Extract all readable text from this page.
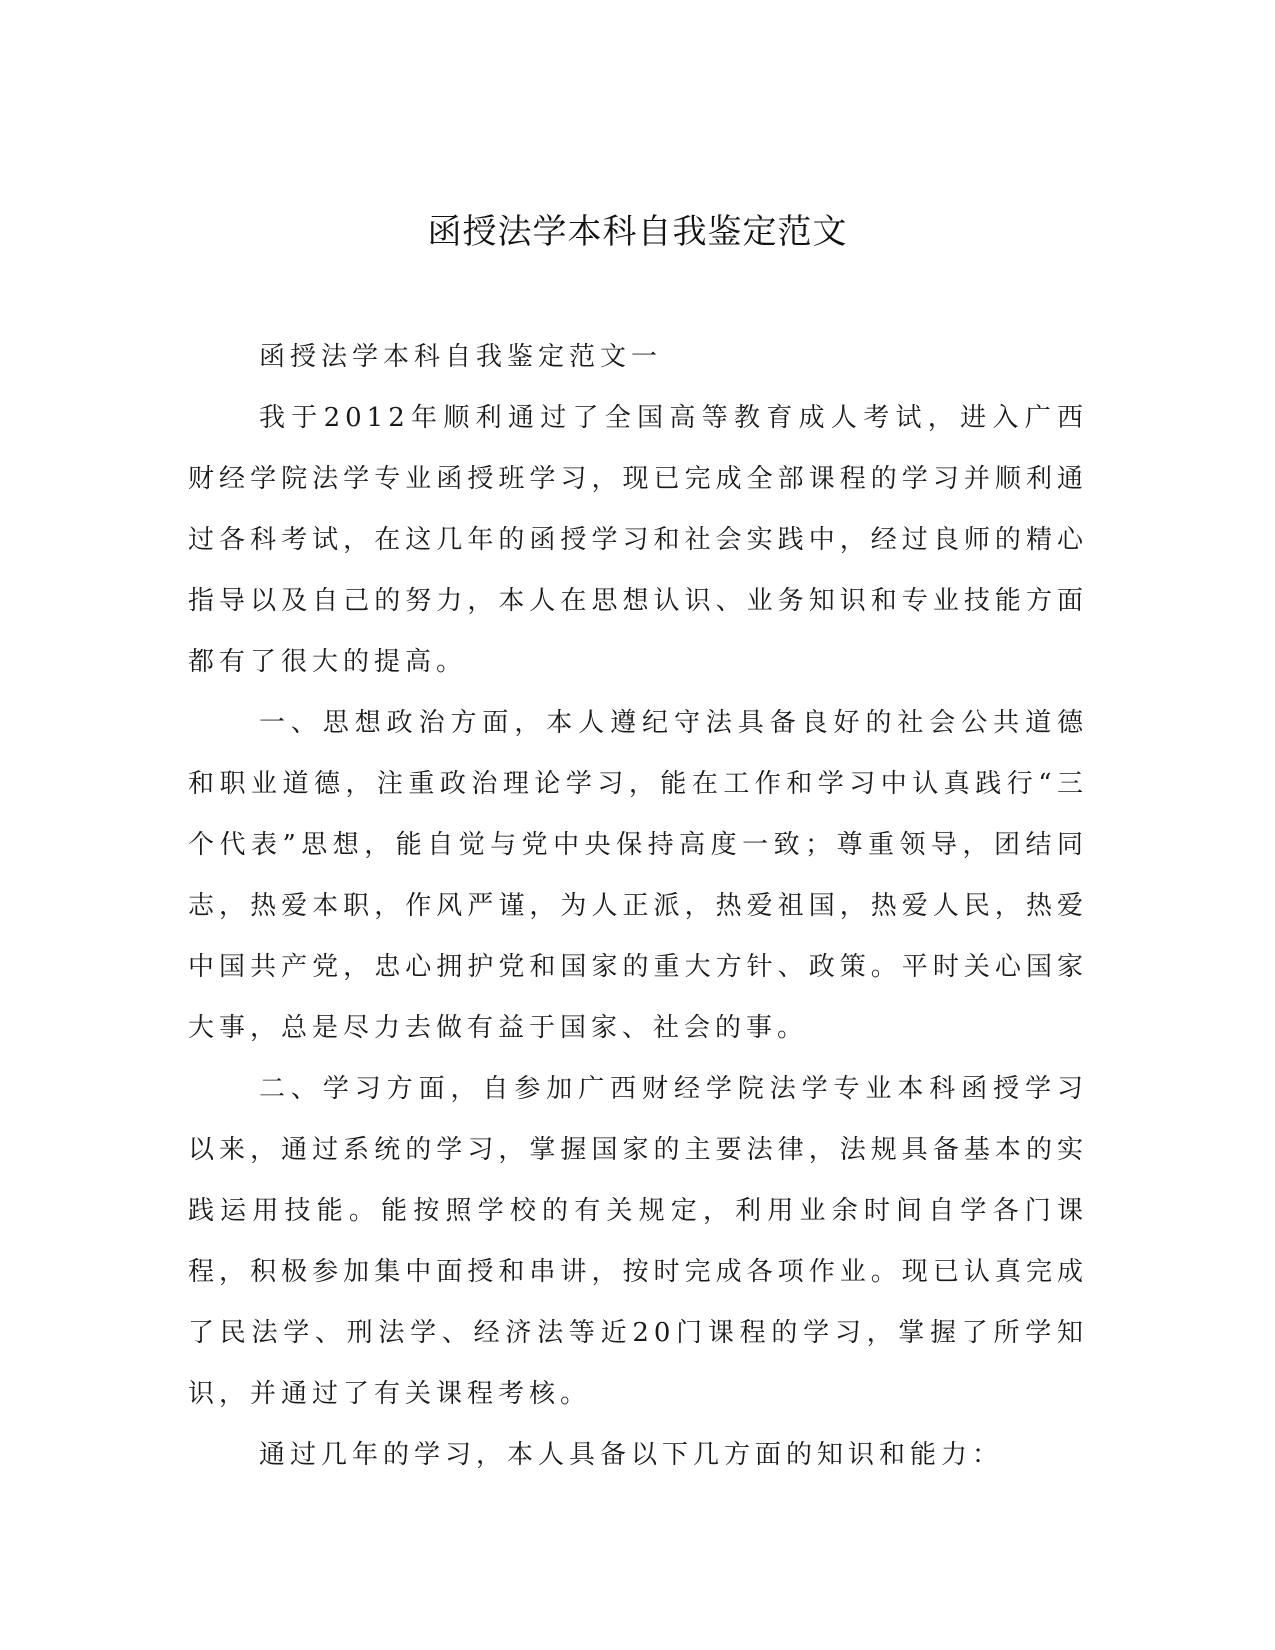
函授法学本科自我鉴定范文

函授法学本科自我鉴定范文一

我于2012年顺利通过了全国高等教育成人考试，进入广西财经学院法学专业函授班学习，现已完成全部课程的学习并顺利通过各科考试，在这几年的函授学习和社会实践中，经过良师的精心指导以及自己的努力，本人在思想认识、业务知识和专业技能方面都有了很大的提高。

一、思想政治方面，本人遵纪守法具备良好的社会公共道德和职业道德，注重政治理论学习，能在工作和学习中认真践行“三个代表”思想，能自觉与党中央保持高度一致；尊重领导，团结同志，热爱本职，作风严谨，为人正派，热爱祖国，热爱人民，热爱中国共产党，忠心拥护党和国家的重大方针、政策。平时关心国家大事，总是尽力去做有益于国家、社会的事。

二、学习方面，自参加广西财经学院法学专业本科函授学习以来，通过系统的学习，掌握国家的主要法律，法规具备基本的实践运用技能。能按照学校的有关规定，利用业余时间自学各门课程，积极参加集中面授和串讲，按时完成各项作业。现已认真完成了民法学、刑法学、经济法等近20门课程的学习，掌握了所学知识，并通过了有关课程考核。

通过几年的学习，本人具备以下几方面的知识和能力：
